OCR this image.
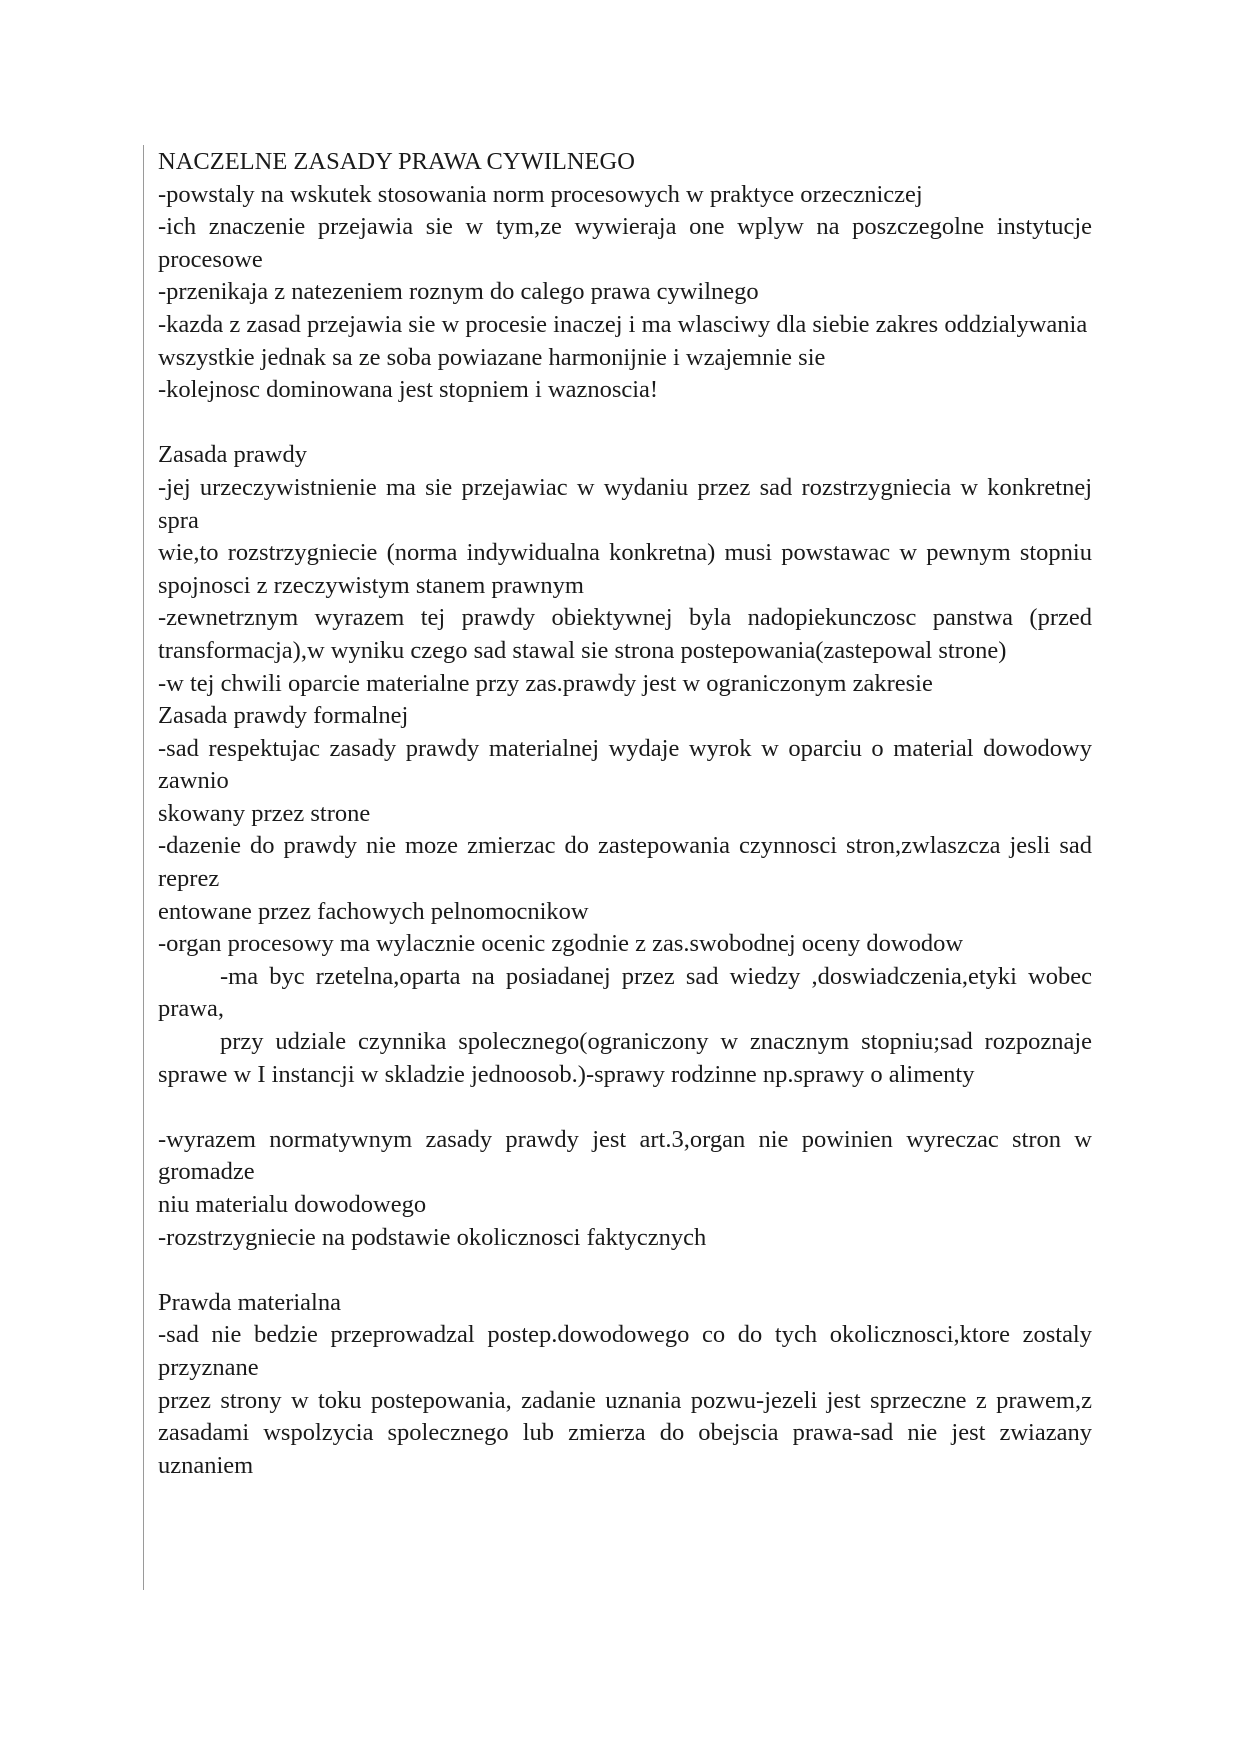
NACZELNE ZASADY PRAWA CYWILNEGO

-powstaly na wskutek stosowania norm procesowych w praktyce orzeczniczej

-ich znaczenie przejawia sie w tym,ze wywieraja one wplyw na poszczegolne instytucje procesowe

-przenikaja z natezeniem roznym do calego prawa cywilnego

-kazda z zasad przejawia sie w procesie inaczej i ma wlasciwy dla siebie zakres oddzialywania

wszystkie jednak sa ze soba powiazane harmonijnie i wzajemnie sie

-kolejnosc dominowana jest stopniem i waznoscia!

Zasada prawdy

-jej urzeczywistnienie ma sie przejawiac w wydaniu przez sad rozstrzygniecia w konkretnej spra

wie,to rozstrzygniecie (norma indywidualna konkretna) musi powstawac w pewnym stopniu spojnosci z rzeczywistym stanem prawnym

-zewnetrznym wyrazem tej prawdy obiektywnej byla nadopiekunczosc panstwa (przed transformacja),w wyniku czego sad stawal sie strona postepowania(zastepowal strone)

-w tej chwili oparcie materialne przy zas.prawdy jest w ograniczonym zakresie

Zasada prawdy formalnej

-sad respektujac zasady prawdy materialnej wydaje wyrok w oparciu o material dowodowy zawnio

skowany przez strone

-dazenie do prawdy nie moze zmierzac do zastepowania czynnosci stron,zwlaszcza jesli sad reprez

entowane przez fachowych pelnomocnikow

-organ procesowy ma wylacznie ocenic zgodnie z zas.swobodnej oceny dowodow

-ma byc rzetelna,oparta na posiadanej przez sad wiedzy ,doswiadczenia,etyki wobec        prawa,

przy udziale czynnika spolecznego(ograniczony w znacznym stopniu;sad rozpoznaje sprawe w I instancji w skladzie jednoosob.)-sprawy rodzinne np.sprawy o alimenty

-wyrazem normatywnym zasady prawdy jest art.3,organ nie powinien wyreczac stron w gromadze

niu materialu dowodowego

-rozstrzygniecie na podstawie okolicznosci faktycznych

Prawda materialna

-sad nie bedzie przeprowadzal postep.dowodowego co do tych okolicznosci,ktore zostaly przyznane

przez strony w toku postepowania, zadanie uznania pozwu-jezeli jest sprzeczne z prawem,z zasadami wspolzycia spolecznego lub zmierza do obejscia prawa-sad nie jest zwiazany uznaniem
